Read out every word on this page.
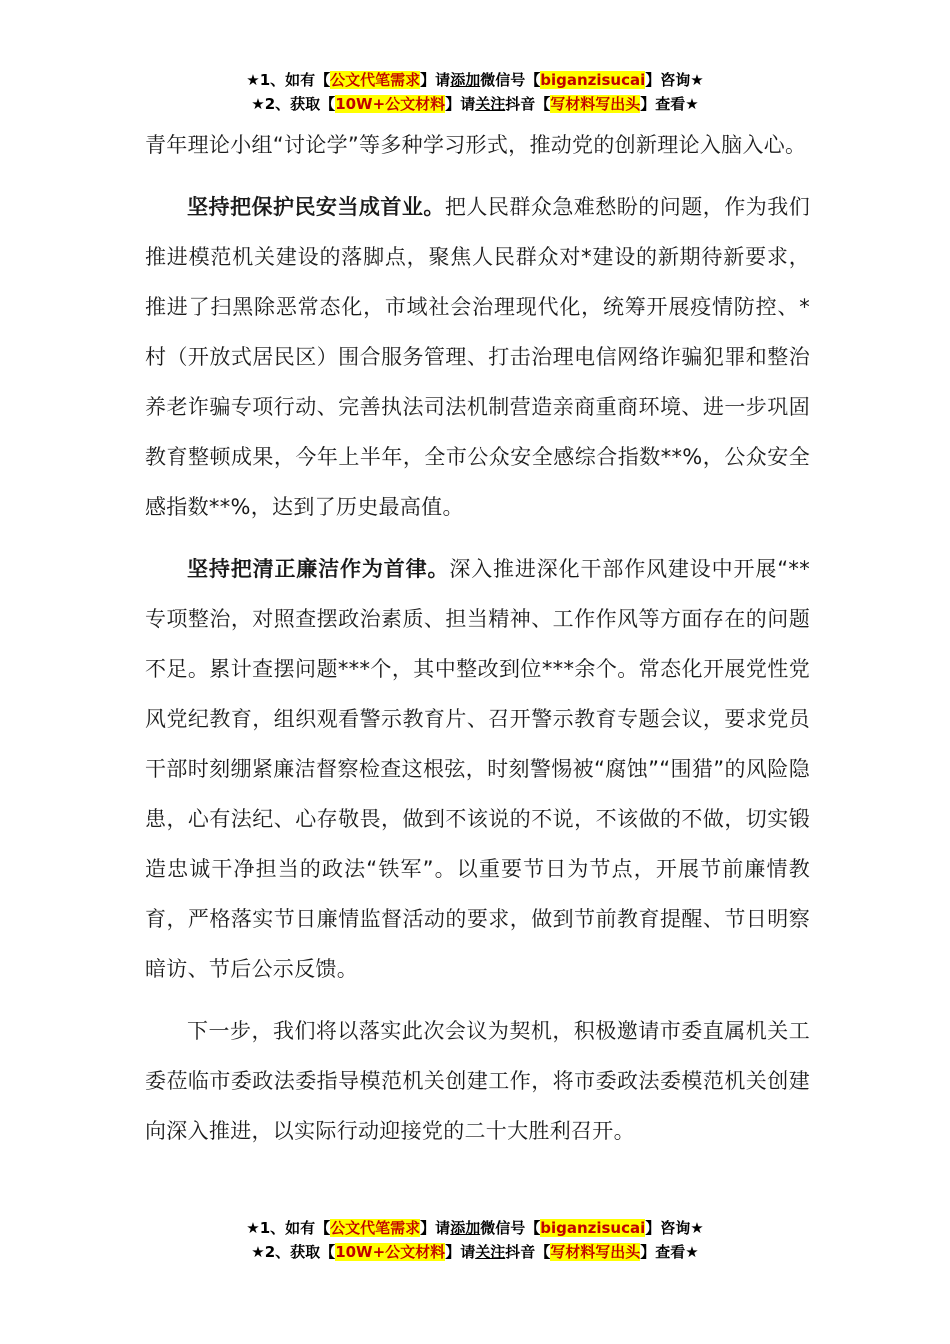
★1、如有【公文代笔需求】请添加微信号【biganzisucai】咨询★
★2、获取【10W+公文材料】请关注抖音【写材料写出头】查看★

青年理论小组“讨论学”等多种学习形式，推动党的创新理论入脑入心。

坚持把保护民安当成首业。把人民群众急难愁盼的问题，作为我们推进模范机关建设的落脚点，聚焦人民群众对*建设的新期待新要求，推进了扫黑除恶常态化，市域社会治理现代化，统筹开展疫情防控、*村（开放式居民区）围合服务管理、打击治理电信网络诈骗犯罪和整治养老诈骗专项行动、完善执法司法机制营造亲商重商环境、进一步巩固教育整顿成果，今年上半年，全市公众安全感综合指数**%，公众安全感指数**%，达到了历史最高值。

坚持把清正廉洁作为首律。深入推进深化干部作风建设中开展“**专项整治，对照查摆政治素质、担当精神、工作作风等方面存在的问题不足。累计查摆问题***个，其中整改到位***余个。常态化开展党性党风党纪教育，组织观看警示教育片、召开警示教育专题会议，要求党员干部时刻绷紧廉洁督察检查这根弦，时刻警惕被“腐蚀”“围猎”的风险隐患，心有法纪、心存敬畏，做到不该说的不说，不该做的不做，切实锻造忠诚干净担当的政法“铁军”。以重要节日为节点，开展节前廉情教育，严格落实节日廉情监督活动的要求，做到节前教育提醒、节日明察暗访、节后公示反馈。

下一步，我们将以落实此次会议为契机，积极邀请市委直属机关工委莅临市委政法委指导模范机关创建工作，将市委政法委模范机关创建向深入推进，以实际行动迎接党的二十大胜利召开。

★1、如有【公文代笔需求】请添加微信号【biganzisucai】咨询★
★2、获取【10W+公文材料】请关注抖音【写材料写出头】查看★
